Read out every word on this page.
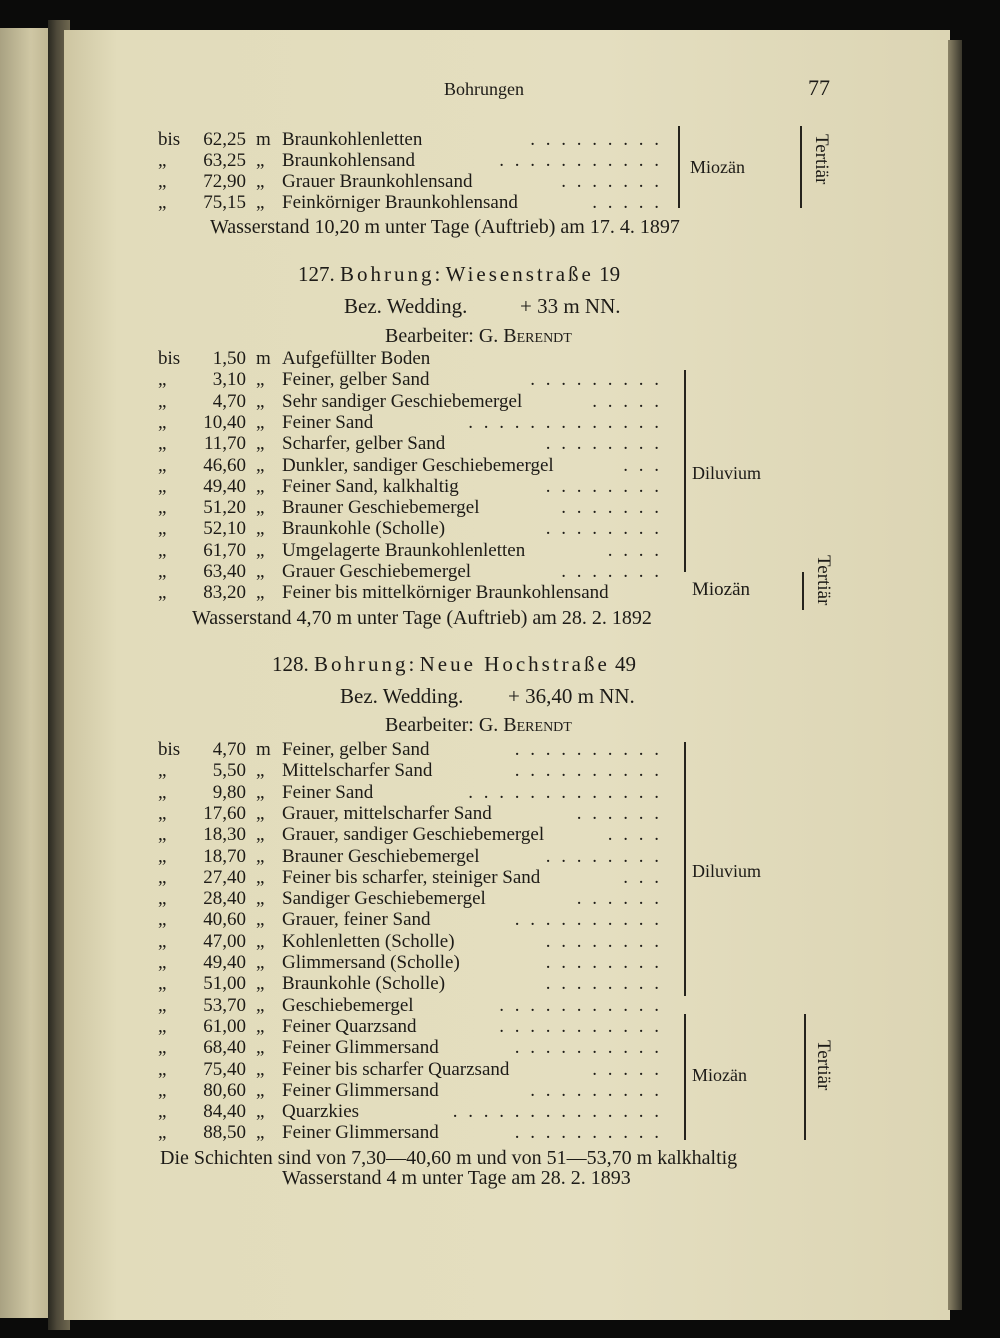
Bohrungen	77
bis 62,25 m Braunkohlenletten	. . . . . . . . .
„ 63,25 „ Braunkohlensand	. . . . . . . . . . .
„ 72,90 „ Grauer Braunkohlensand	. . . . . . .
„ 75,15 „ Feinkörniger Braunkohlensand	. . . . .
Miozän	Tertiär
Wasserstand 10,20 m unter Tage (Auftrieb) am 17. 4. 1897
127. Bohrung: Wiesenstraße 19
Bez. Wedding.	+ 33 m NN.
Bearbeiter: G. Berendt
bis	1,50 m Aufgefüllter Boden
„	3,10 „ Feiner, gelber Sand	. . . . . . . . .
„	4,70 „ Sehr sandiger Geschiebemergel	. . . . .
„ 10,40 „ Feiner Sand	. . . . . . . . . . . . .
„ 11,70 „ Scharfer, gelber Sand	. . . . . . . .
„ 46,60 „ Dunkler, sandiger Geschiebemergel	. . .
„ 49,40 „ Feiner Sand, kalkhaltig	. . . . . . . .
„ 51,20 „ Brauner Geschiebemergel	. . . . . . .
„ 52,10 „ Braunkohle (Scholle)	. . . . . . . .
„ 61,70 „ Umgelagerte Braunkohlenletten	. . . .
„ 63,40 „ Grauer Geschiebemergel	. . . . . . .
„ 83,20 „ Feiner bis mittelkörniger Braunkohlensand
Diluvium
Miozän	Tertiär
Wasserstand 4,70 m unter Tage (Auftrieb) am 28. 2. 1892
128. Bohrung: Neue Hochstraße 49
Bez. Wedding. + 36,40 m NN.
Bearbeiter: G. Berendt
bis	4,70 m Feiner, gelber Sand	. . . . . . . . . .
„	5,50 „ Mittelscharfer Sand	. . . . . . . . . .
„	9,80 „ Feiner Sand	. . . . . . . . . . . . .
„ 17,60 „ Grauer, mittelscharfer Sand	. . . . . .
„ 18,30 „ Grauer, sandiger Geschiebemergel	. . . .
„ 18,70 „ Brauner Geschiebemergel	. . . . . . . .
„ 27,40 „ Feiner bis scharfer, steiniger Sand	. . .
„ 28,40 „ Sandiger Geschiebemergel	. . . . . .
„ 40,60 „ Grauer, feiner Sand	. . . . . . . . . .
„ 47,00 „ Kohlenletten (Scholle)	. . . . . . . .
„ 49,40 „ Glimmersand (Scholle)	. . . . . . . .
„ 51,00 „ Braunkohle (Scholle)	. . . . . . . .
„ 53,70 „ Geschiebemergel	. . . . . . . . . . .
„ 61,00 „ Feiner Quarzsand	. . . . . . . . . . .
„ 68,40 „ Feiner Glimmersand	. . . . . . . . . .
„ 75,40 „ Feiner bis scharfer Quarzsand	. . . . .
„ 80,60 „ Feiner Glimmersand	. . . . . . . . .
„ 84,40 „ Quarzkies	. . . . . . . . . . . . . .
„ 88,50 „ Feiner Glimmersand	. . . . . . . . . .
Diluvium
Miozän	Tertiär
Die Schichten sind von 7,30—40,60 m und von 51—53,70 m kalkhaltig
Wasserstand 4 m unter Tage am 28. 2. 1893
